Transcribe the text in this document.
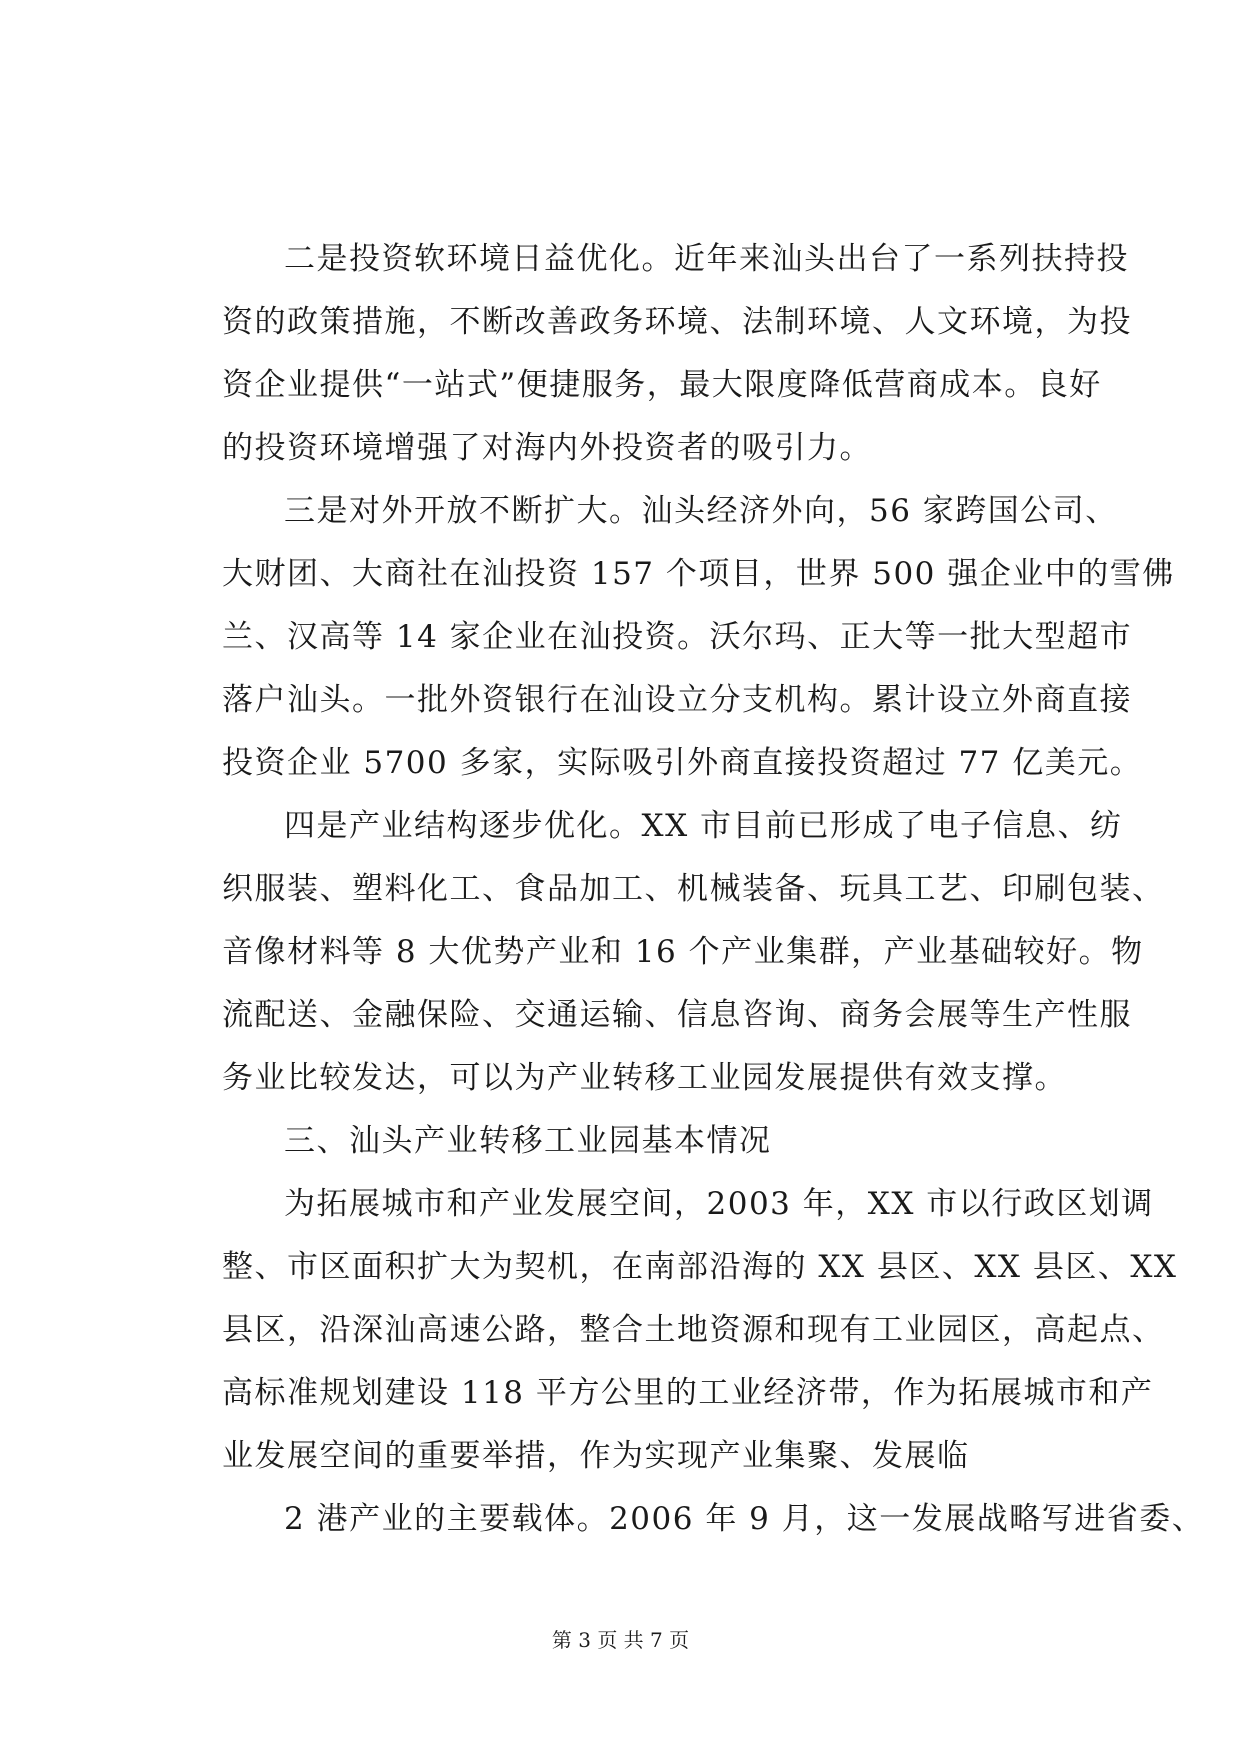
二是投资软环境日益优化。近年来汕头出台了一系列扶持投
资的政策措施，不断改善政务环境、法制环境、人文环境，为投
资企业提供“一站式”便捷服务，最大限度降低营商成本。良好
的投资环境增强了对海内外投资者的吸引力。

三是对外开放不断扩大。汕头经济外向，56 家跨国公司、
大财团、大商社在汕投资 157 个项目，世界 500 强企业中的雪佛
兰、汉高等 14 家企业在汕投资。沃尔玛、正大等一批大型超市
落户汕头。一批外资银行在汕设立分支机构。累计设立外商直接
投资企业 5700 多家，实际吸引外商直接投资超过 77 亿美元。

四是产业结构逐步优化。XX 市目前已形成了电子信息、纺
织服装、塑料化工、食品加工、机械装备、玩具工艺、印刷包装、
音像材料等 8 大优势产业和 16 个产业集群，产业基础较好。物
流配送、金融保险、交通运输、信息咨询、商务会展等生产性服
务业比较发达，可以为产业转移工业园发展提供有效支撑。

三、汕头产业转移工业园基本情况

为拓展城市和产业发展空间，2003 年，XX 市以行政区划调
整、市区面积扩大为契机，在南部沿海的 XX 县区、XX 县区、XX
县区，沿深汕高速公路，整合土地资源和现有工业园区，高起点、
高标准规划建设 118 平方公里的工业经济带，作为拓展城市和产
业发展空间的重要举措，作为实现产业集聚、发展临

2 港产业的主要载体。2006 年 9 月，这一发展战略写进省委、

第 3 页 共 7 页
